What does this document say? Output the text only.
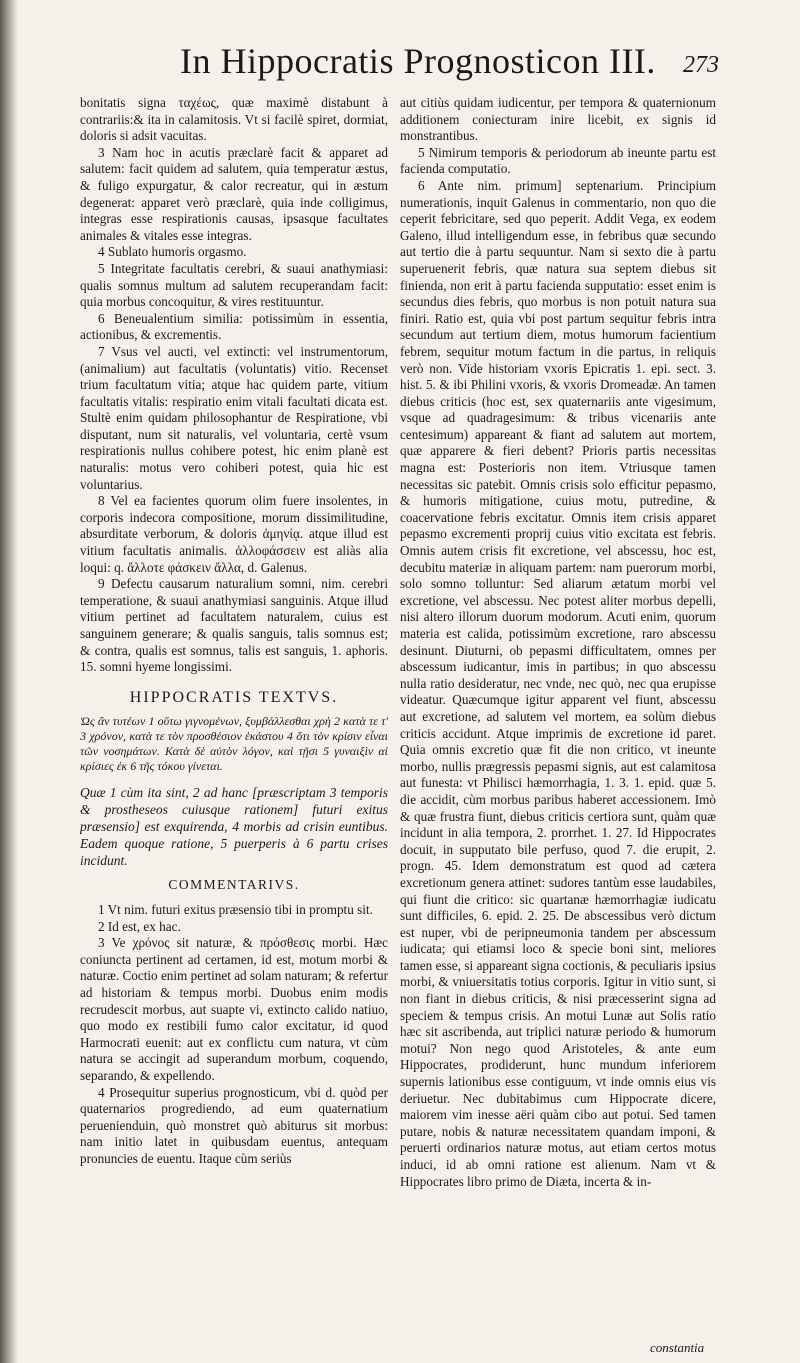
In Hippocratis Prognosticon III. 273

bonitatis signa ταχέως, quæ maximè distabunt à contrariis:& ita in calamitosis. Vt si facilè spiret, dormiat, doloris si adsit vacuitas.

3 Nam hoc in acutis præclarè facit & apparet ad salutem: facit quidem ad salutem, quia temperatur æstus, & fuligo expurgatur, & calor recreatur, qui in æstum degenerat: apparet verò præclarè, quia inde colligimus, integras esse respirationis causas, ipsasque facultates animales & vitales esse integras.

4 Sublato humoris orgasmo.

5 Integritate facultatis cerebri, & suaui anathymiasi: qualis somnus multum ad salutem recuperandam facit: quia morbus concoquitur, & vires restituuntur.

6 Beneualentium similia: potissimùm in essentia, actionibus, & excrementis.

7 Vsus vel aucti, vel extincti: vel instrumentorum, (animalium) aut facultatis (voluntatis) vitio. Recenset trium facultatum vitia; atque hac quidem parte, vitium facultatis vitalis: respiratio enim vitali facultati dicata est. Stultè enim quidam philosophantur de Respiratione, vbi disputant, num sit naturalis, vel voluntaria, certè vsum respirationis nullus cohibere potest, hic enim planè est naturalis: motus vero cohiberi potest, quia hic est voluntarius.

8 Vel ea facientes quorum olim fuere insolentes, in corporis indecora compositione, morum dissimilitudine, absurditate verborum, & doloris ἀμηνίᾳ. atque illud est vitium facultatis animalis. ἀλλοφάσσειν est aliàs alia loqui: q. ἄλλοτε φάσκειν ἄλλα, d. Galenus.

9 Defectu causarum naturalium somni, nim. cerebri temperatione, & suaui anathymiasi sanguinis. Atque illud vitium pertinet ad facultatem naturalem, cuius est sanguinem generare; & qualis sanguis, talis somnus est; & contra, qualis est somnus, talis est sanguis, 1. aphoris. 15. somni hyeme longissimi.

HIPPOCRATIS TEXTVS.
Ὡς ἂν τυτέων 1 οὕτω γιγνομένων, ξυμβάλλεσθαι χρὴ 2 κατὰ τε τ' 3 χρόνον, κατὰ τε τὸν προσθέσιον ἑκάστου 4 ὅτι τὸν κρίσιν εἶναι τῶν νοσημάτων. Κατὰ δὲ αὐτὸν λόγον, καὶ τῇσι 5 γυναιξὶν αἱ κρίσιες ἐκ 6 τῆς τόκου γίνεται.
Quæ 1 cùm ita sint, 2 ad hanc [præscriptam 3 temporis & prostheseos cuiusque rationem] futuri exitus præsensio] est exquirenda, 4 morbis ad crisin euntibus. Eadem quoque ratione, 5 puerperis à 6 partu crises incidunt.
COMMENTARIVS.

1 Vt nim. futuri exitus præsensio tibi in promptu sit.

2 Id est, ex hac.

3 Ve χρόνος sit naturæ, & πρόσθεσις morbi. Hæc coniuncta pertinent ad certamen, id est, motum morbi & naturæ. Coctio enim pertinet ad solam naturam; & refertur ad historiam & tempus morbi. Duobus enim modis recrudescit morbus, aut suapte vi, extincto calido natiuo, quo modo ex restibili fumo calor excitatur, id quod Harmocrati euenit: aut ex conflictu cum natura, vt cùm natura se accingit ad superandum morbum, coquendo, separando, & expellendo.

4 Prosequitur superius prognosticum, vbi d. quòd per quaternarios progrediendo, ad eum quaternatium peruenienduin, quò monstret quò abiturus sit morbus: nam initio latet in quibusdam euentus, antequam pronuncies de euentu. Itaque cùm seriùs

aut citiùs quidam iudicentur, per tempora & quaternionum additionem coniecturam inire licebit, ex signis id monstrantibus.

5 Nimirum temporis & periodorum ab ineunte partu est facienda computatio.

6 Ante nim. primum] septenarium. Principium numerationis, inquit Galenus in commentario, non quo die ceperit febricitare, sed quo peperit. Addit Vega, ex eodem Galeno, illud intelligendum esse, in febribus quæ secundo aut tertio die à partu sequuntur. Nam si sexto die à partu superuenerit febris, quæ natura sua septem diebus sit finienda, non erit à partu facienda supputatio: esset enim is secundus dies febris, quo morbus is non potuit natura sua finiri. Ratio est, quia vbi post partum sequitur febris intra secundum aut tertium diem, motus humorum facientium febrem, sequitur motum factum in die partus, in reliquis verò non. Vide historiam vxoris Epicratis 1. epi. sect. 3. hist. 5. & ibi Philini vxoris, & vxoris Dromeadæ. An tamen diebus criticis (hoc est, sex quaternariis ante vigesimum, vsque ad quadragesimum: & tribus vicenariis ante centesimum) appareant & fiant ad salutem aut mortem, quæ apparere & fieri debent? Prioris partis necessitas magna est: Posterioris non item. Vtriusque tamen necessitas sic patebit. Omnis crisis solo efficitur pepasmo, & humoris mitigatione, cuius motu, putredine, & coacervatione febris excitatur. Omnis item crisis apparet pepasmo excrementi proprij cuius vitio excitata est febris. Omnis autem crisis fit excretione, vel abscessu, hoc est, decubitu materiæ in aliquam partem: nam puerorum morbi, solo somno tolluntur: Sed aliarum ætatum morbi vel excretione, vel abscessu. Nec potest aliter morbus depelli, nisi altero illorum duorum modorum. Acuti enim, quorum materia est calida, potissimùm excretione, raro abscessu desinunt. Diuturni, ob pepasmi difficultatem, omnes per abscessum iudicantur, imis in partibus; in quo abscessu nulla ratio desideratur, nec vnde, nec quò, nec qua erupisse videatur. Quæcumque igitur apparent vel fiunt, abscessu aut excretione, ad salutem vel mortem, ea solùm diebus criticis accidunt. Atque imprimis de excretione id paret. Quia omnis excretio quæ fit die non critico, vt ineunte morbo, nullis prægressis pepasmi signis, aut est calamitosa aut funesta: vt Philisci hæmorrhagia, 1. 3. 1. epid. quæ 5. die accidit, cùm morbus paribus haberet accessionem. Imò & quæ frustra fiunt, diebus criticis certiora sunt, quàm quæ incidunt in alia tempora, 2. prorrhet. 1. 27. Id Hippocrates docuit, in supputato bile perfuso, quod 7. die erupit, 2. progn. 45. Idem demonstratum est quod ad cætera excretionum genera attinet: sudores tantùm esse laudabiles, qui fiunt die critico: sic quartanæ hæmorrhagiæ iudicatu sunt difficiles, 6. epid. 2. 25. De abscessibus verò dictum est nuper, vbi de peripneumonia tandem per abscessum iudicata; qui etiamsi loco & specie boni sint, meliores tamen esse, si appareant signa coctionis, & peculiaris ipsius morbi, & vniuersitatis totius corporis. Igitur in vitio sunt, si non fiant in diebus criticis, & nisi præcesserint signa ad speciem & tempus crisis. An motui Lunæ aut Solis ratio hæc sit ascribenda, aut triplici naturæ periodo & humorum motui? Non nego quod Aristoteles, & ante eum Hippocrates, prodiderunt, hunc mundum inferiorem supernis lationibus esse contiguum, vt inde omnis eius vis deriuetur. Nec dubitabimus cum Hippocrate dicere, maiorem vim inesse aëri quàm cibo aut potui. Sed tamen putare, nobis & naturæ necessitatem quandam imponi, & peruerti ordinarios naturæ motus, aut etiam certos motus induci, id ab omni ratione est alienum. Nam vt & Hippocrates libro primo de Diæta, incerta & in-

constantia
